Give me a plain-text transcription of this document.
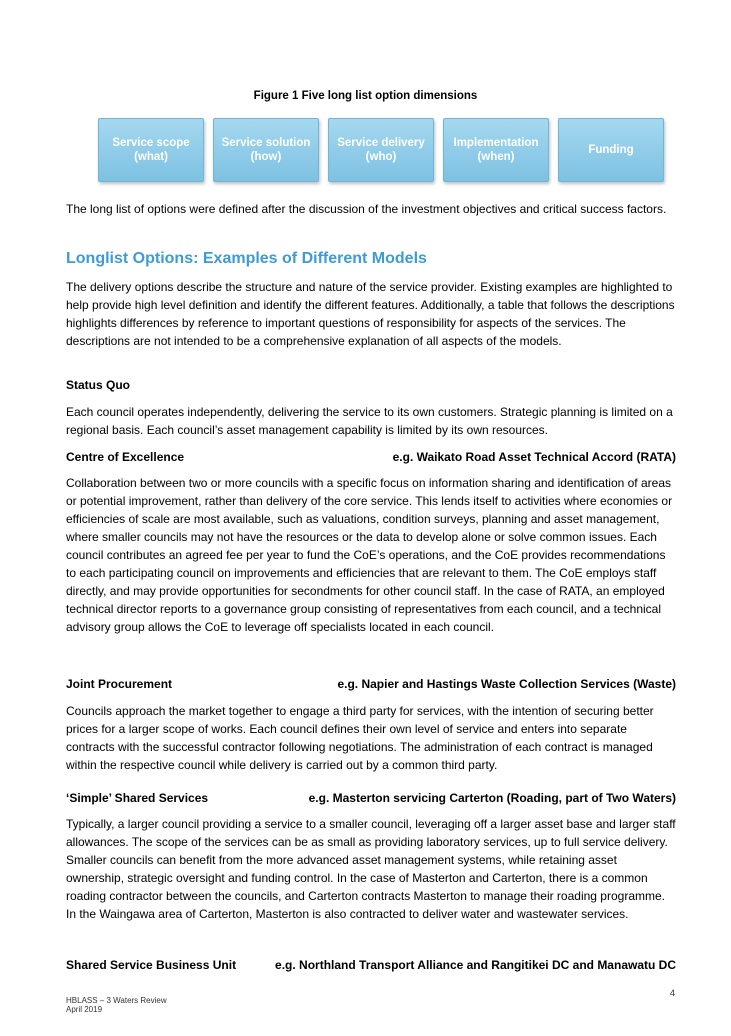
Figure 1 Five long list option dimensions
Service scope
(what)
Service solution
(how)
Service delivery
(who)
Implementation
(when)
Funding

The long list of options were defined after the discussion of the investment objectives and critical success factors.

Longlist Options: Examples of Different Models

The delivery options describe the structure and nature of the service provider. Existing examples are highlighted to help provide high level definition and identify the different features. Additionally, a table that follows the descriptions highlights differences by reference to important questions of responsibility for aspects of the services. The descriptions are not intended to be a comprehensive explanation of all aspects of the models.

Status Quo

Each council operates independently, delivering the service to its own customers. Strategic planning is limited on a regional basis. Each council’s asset management capability is limited by its own resources.

Centre of Excellence	e.g. Waikato Road Asset Technical Accord (RATA)

Collaboration between two or more councils with a specific focus on information sharing and identification of areas or potential improvement, rather than delivery of the core service. This lends itself to activities where economies or efficiencies of scale are most available, such as valuations, condition surveys, planning and asset management, where smaller councils may not have the resources or the data to develop alone or solve common issues. Each council contributes an agreed fee per year to fund the CoE’s operations, and the CoE provides recommendations to each participating council on improvements and efficiencies that are relevant to them. The CoE employs staff directly, and may provide opportunities for secondments for other council staff. In the case of RATA, an employed technical director reports to a governance group consisting of representatives from each council, and a technical advisory group allows the CoE to leverage off specialists located in each council.

Joint Procurement	e.g. Napier and Hastings Waste Collection Services (Waste)

Councils approach the market together to engage a third party for services, with the intention of securing better prices for a larger scope of works. Each council defines their own level of service and enters into separate contracts with the successful contractor following negotiations. The administration of each contract is managed within the respective council while delivery is carried out by a common third party.

‘Simple’ Shared Services	e.g. Masterton servicing Carterton (Roading, part of Two Waters)

Typically, a larger council providing a service to a smaller council, leveraging off a larger asset base and larger staff allowances. The scope of the services can be as small as providing laboratory services, up to full service delivery. Smaller councils can benefit from the more advanced asset management systems, while retaining asset ownership, strategic oversight and funding control. In the case of Masterton and Carterton, there is a common roading contractor between the councils, and Carterton contracts Masterton to manage their roading programme. In the Waingawa area of Carterton, Masterton is also contracted to deliver water and wastewater services.

Shared Service Business Unit	e.g. Northland Transport Alliance and Rangitikei DC and Manawatu DC
4
HBLASS – 3 Waters Review
April 2019
